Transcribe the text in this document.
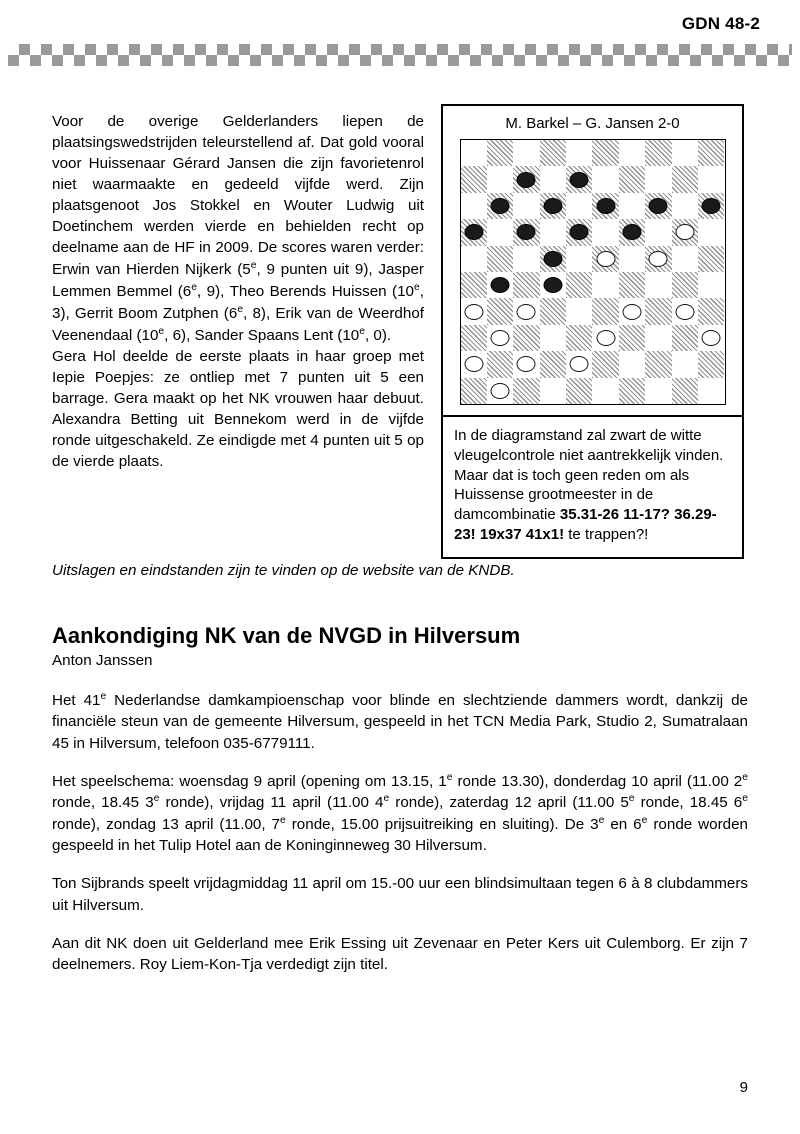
GDN 48-2

Voor de overige Gelderlanders liepen de plaatsingswedstrijden teleurstellend af. Dat gold vooral voor Huissenaar Gérard Jansen die zijn favorietenrol niet waarmaakte en gedeeld vijfde werd. Zijn plaatsgenoot Jos Stokkel en Wouter Ludwig uit Doetinchem werden vierde en behielden recht op deelname aan de HF in 2009. De scores waren verder: Erwin van Hierden Nijkerk (5e, 9 punten uit 9), Jasper Lemmen Bemmel (6e, 9), Theo Berends Huissen (10e, 3), Gerrit Boom Zutphen (6e, 8), Erik van de Weerdhof Veenendaal (10e, 6), Sander Spaans Lent (10e, 0).

Gera Hol deelde de eerste plaats in haar groep met Iepie Poepjes: ze ontliep met 7 punten uit 5 een barrage. Gera maakt op het NK vrouwen haar debuut. Alexandra Betting uit Bennekom werd in de vijfde ronde uitgeschakeld. Ze eindigde met 4 punten uit 5 op de vierde plaats.

M. Barkel – G. Jansen 2-0
In de diagramstand zal zwart de witte vleugelcontrole niet aantrekkelijk vinden. Maar dat is toch geen reden om als Huissense grootmeester in de damcombinatie 35.31-26 11-17? 36.29-23! 19x37 41x1! te trappen?!
Uitslagen en eindstanden zijn te vinden op de website van de KNDB.
Aankondiging NK van de NVGD in Hilversum
Anton Janssen

Het 41e Nederlandse damkampioenschap voor blinde en slechtziende dammers wordt, dankzij de financiële steun van de gemeente Hilversum, gespeeld in het TCN Media Park, Studio 2, Sumatralaan 45 in Hilversum, telefoon 035-6779111.

Het speelschema: woensdag 9 april (opening om 13.15, 1e ronde 13.30), donderdag 10 april (11.00 2e ronde, 18.45 3e ronde), vrijdag 11 april (11.00 4e ronde), zaterdag 12 april (11.00 5e ronde, 18.45 6e ronde), zondag 13 april (11.00, 7e ronde, 15.00 prijsuitreiking en sluiting). De 3e en 6e ronde worden gespeeld in het Tulip Hotel aan de Koninginneweg 30 Hilversum.

Ton Sijbrands speelt vrijdagmiddag 11 april om 15.-00 uur een blindsimultaan tegen 6 à 8 clubdammers uit Hilversum.

Aan dit NK doen uit Gelderland mee Erik Essing uit Zevenaar en Peter Kers uit Culemborg. Er zijn 7 deelnemers. Roy Liem-Kon-Tja verdedigt zijn titel.

9
